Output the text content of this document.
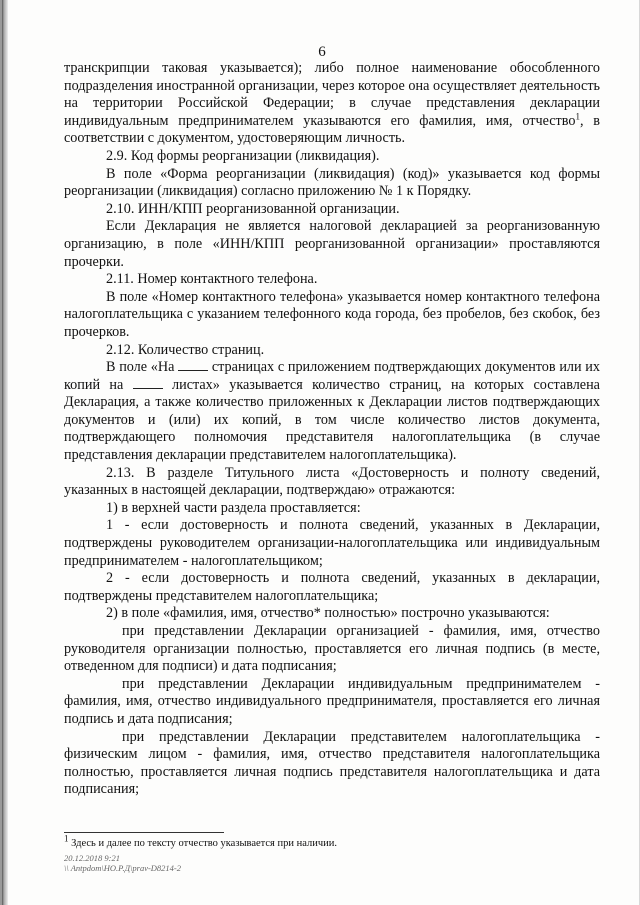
6

транскрипции таковая указывается); либо полное наименование обособленного подразделения иностранной организации, через которое она осуществляет деятельность на территории Российской Федерации; в случае представления декларации индивидуальным предпринимателем указываются его фамилия, имя, отчество$^1$, в соответствии с документом, удостоверяющим личность.

2.9. Код формы реорганизации (ликвидация).

В поле «Форма реорганизации (ликвидация) (код)» указывается код формы реорганизации (ликвидация) согласно приложению № 1 к Порядку.

2.10. ИНН/КПП реорганизованной организации.

Если Декларация не является налоговой декларацией за реорганизованную организацию, в поле «ИНН/КПП реорганизованной организации» проставляются прочерки.

2.11. Номер контактного телефона.

В поле «Номер контактного телефона» указывается номер контактного телефона налогоплательщика с указанием телефонного кода города, без пробелов, без скобок, без прочерков.

2.12. Количество страниц.

В поле «На  страницах с приложением подтверждающих документов или их копий на  листах» указывается количество страниц, на которых составлена Декларация, а также количество приложенных к Декларации листов подтверждающих документов и (или) их копий, в том числе количество листов документа, подтверждающего полномочия представителя налогоплательщика (в случае представления декларации представителем налогоплательщика).

2.13. В разделе Титульного листа «Достоверность и полноту сведений, указанных в настоящей декларации, подтверждаю» отражаются:

1) в верхней части раздела проставляется:

1 - если достоверность и полнота сведений, указанных в Декларации, подтверждены руководителем организации-налогоплательщика или индивидуальным предпринимателем - налогоплательщиком;

2 - если достоверность и полнота сведений, указанных в декларации, подтверждены представителем налогоплательщика;

2) в поле «фамилия, имя, отчество* полностью» построчно указываются:

при представлении Декларации организацией - фамилия, имя, отчество руководителя организации полностью, проставляется его личная подпись (в месте, отведенном для подписи) и дата подписания;

при представлении Декларации индивидуальным предпринимателем - фамилия, имя, отчество индивидуального предпринимателя, проставляется его личная подпись и дата подписания;

при представлении Декларации представителем налогоплательщика - физическим лицом - фамилия, имя, отчество представителя налогоплательщика полностью, проставляется личная подпись представителя налогоплательщика и дата подписания;

$^1$ Здесь и далее по тексту отчество указывается при наличии.
20.12.2018 9:21
\\ Antpdom\НО.Р.Д\prav-D8214-2
